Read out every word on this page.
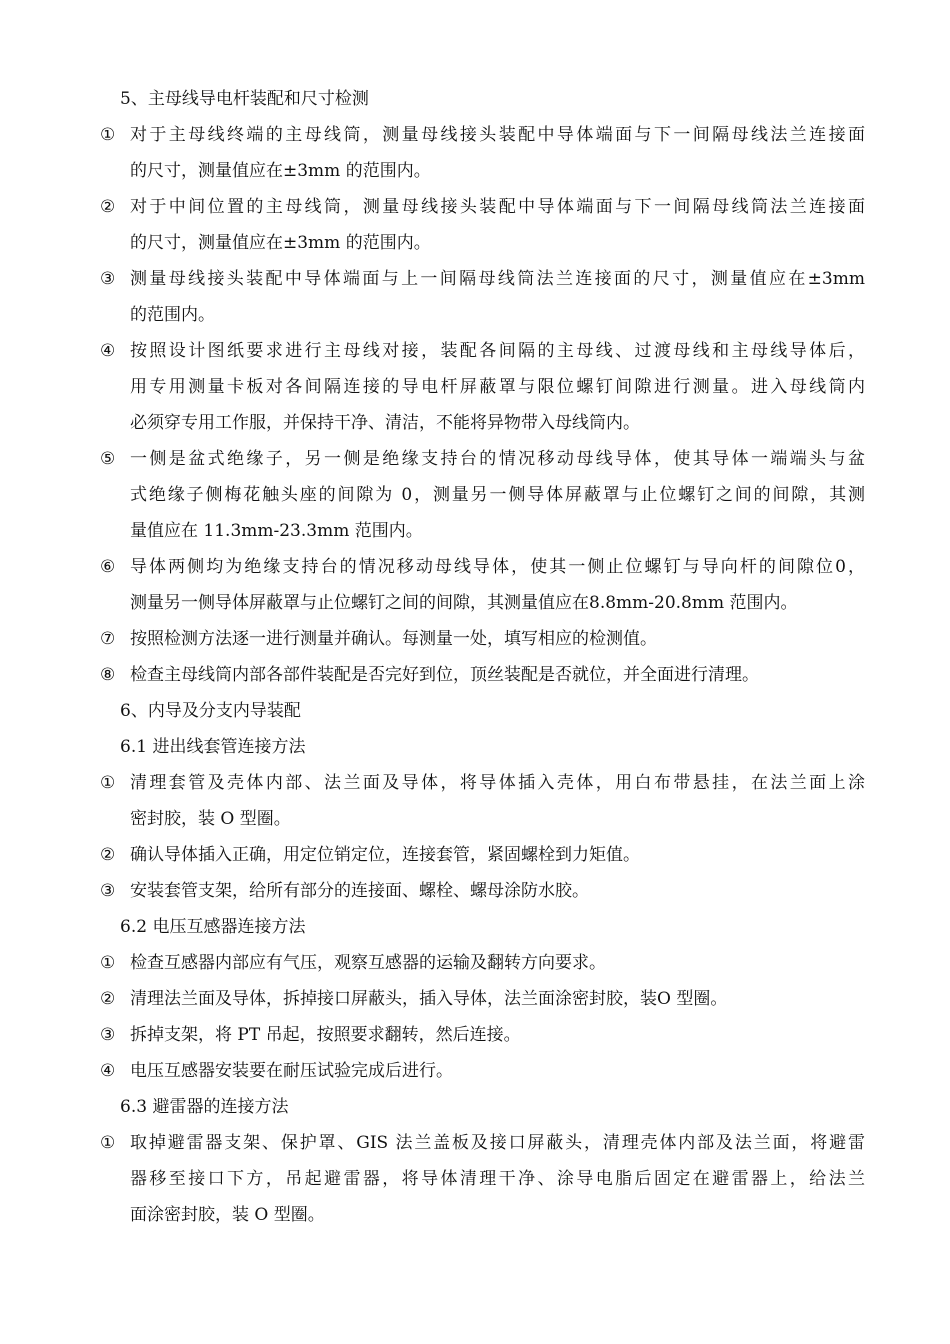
5、主母线导电杆装配和尺寸检测

① 对于主母线终端的主母线筒，测量母线接头装配中导体端面与下一间隔母线法兰连接面
的尺寸，测量值应在±3mm 的范围内。
② 对于中间位置的主母线筒，测量母线接头装配中导体端面与下一间隔母线筒法兰连接面
的尺寸，测量值应在±3mm 的范围内。
③ 测量母线接头装配中导体端面与上一间隔母线筒法兰连接面的尺寸，测量值应在±3mm
的范围内。
④ 按照设计图纸要求进行主母线对接，装配各间隔的主母线、过渡母线和主母线导体后，
用专用测量卡板对各间隔连接的导电杆屏蔽罩与限位螺钉间隙进行测量。进入母线筒内
必须穿专用工作服，并保持干净、清洁，不能将异物带入母线筒内。
⑤ 一侧是盆式绝缘子，另一侧是绝缘支持台的情况移动母线导体，使其导体一端端头与盆
式绝缘子侧梅花触头座的间隙为 0，测量另一侧导体屏蔽罩与止位螺钉之间的间隙，其测
量值应在 11.3mm-23.3mm 范围内。
⑥ 导体两侧均为绝缘支持台的情况移动母线导体，使其一侧止位螺钉与导向杆的间隙位0，
测量另一侧导体屏蔽罩与止位螺钉之间的间隙，其测量值应在8.8mm-20.8mm 范围内。
⑦ 按照检测方法逐一进行测量并确认。每测量一处，填写相应的检测值。
⑧ 检查主母线筒内部各部件装配是否完好到位，顶丝装配是否就位，并全面进行清理。

6、内导及分支内导装配

6.1 进出线套管连接方法

① 清理套管及壳体内部、法兰面及导体，将导体插入壳体，用白布带悬挂，在法兰面上涂
密封胶，装 O 型圈。
② 确认导体插入正确，用定位销定位，连接套管，紧固螺栓到力矩值。
③ 安装套管支架，给所有部分的连接面、螺栓、螺母涂防水胶。

6.2 电压互感器连接方法

① 检查互感器内部应有气压，观察互感器的运输及翻转方向要求。
② 清理法兰面及导体，拆掉接口屏蔽头，插入导体，法兰面涂密封胶，装O 型圈。
③ 拆掉支架，将 PT 吊起，按照要求翻转，然后连接。
④ 电压互感器安装要在耐压试验完成后进行。

6.3 避雷器的连接方法

① 取掉避雷器支架、保护罩、GIS 法兰盖板及接口屏蔽头，清理壳体内部及法兰面，将避雷
器移至接口下方，吊起避雷器，将导体清理干净、涂导电脂后固定在避雷器上，给法兰
面涂密封胶，装 O 型圈。
